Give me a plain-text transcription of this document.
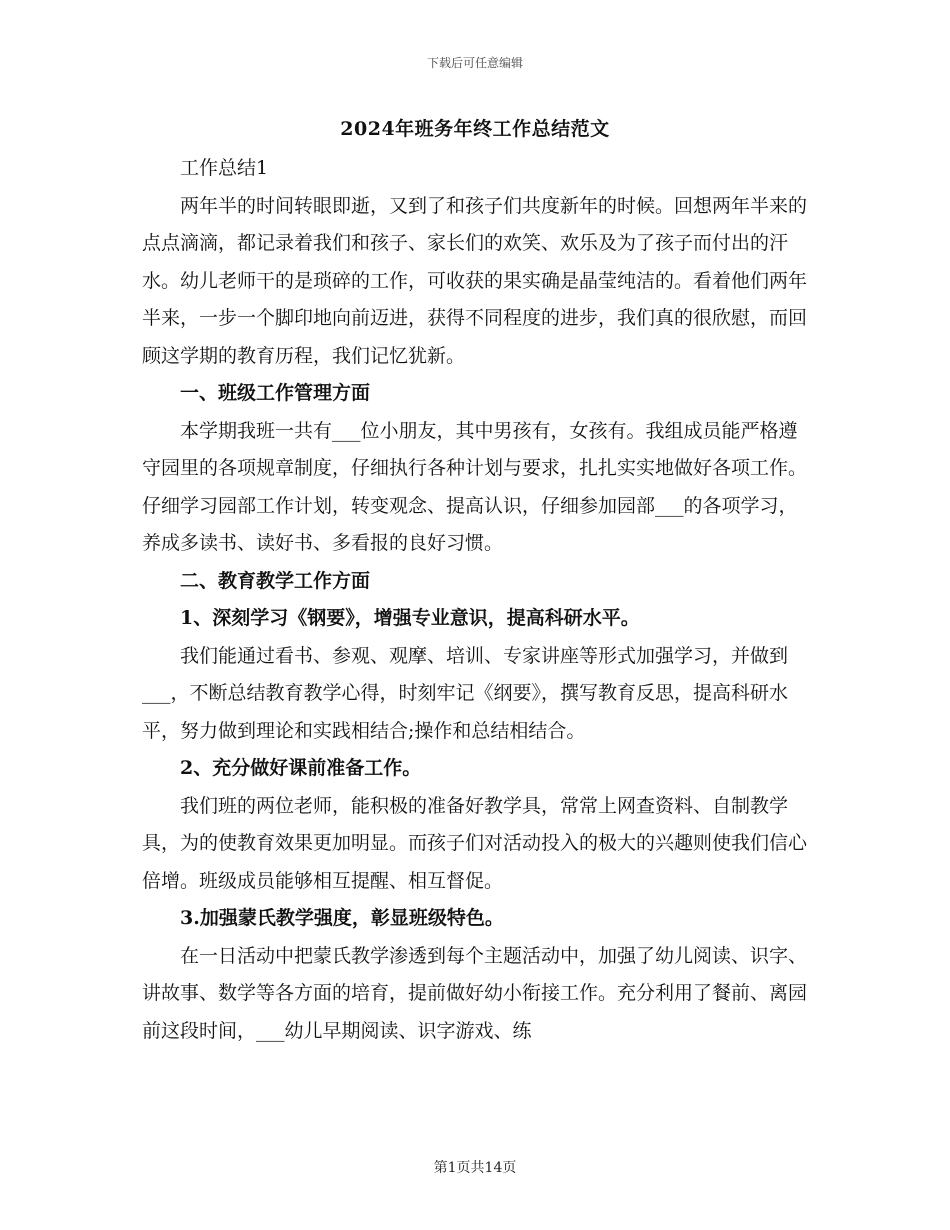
下载后可任意编辑
2024年班务年终工作总结范文

工作总结1

两年半的时间转眼即逝，又到了和孩子们共度新年的时候。回想两年半来的点点滴滴，都记录着我们和孩子、家长们的欢笑、欢乐及为了孩子而付出的汗水。幼儿老师干的是琐碎的工作，可收获的果实确是晶莹纯洁的。看着他们两年半来，一步一个脚印地向前迈进，获得不同程度的进步，我们真的很欣慰，而回顾这学期的教育历程，我们记忆犹新。

一、班级工作管理方面

本学期我班一共有___位小朋友，其中男孩有，女孩有。我组成员能严格遵守园里的各项规章制度，仔细执行各种计划与要求，扎扎实实地做好各项工作。仔细学习园部工作计划，转变观念、提高认识，仔细参加园部___的各项学习，养成多读书、读好书、多看报的良好习惯。

二、教育教学工作方面

1、深刻学习《钢要》，增强专业意识，提高科研水平。

我们能通过看书、参观、观摩、培训、专家讲座等形式加强学习，并做到___，不断总结教育教学心得，时刻牢记《纲要》，撰写教育反思，提高科研水平，努力做到理论和实践相结合;操作和总结相结合。

2、充分做好课前准备工作。

我们班的两位老师，能积极的准备好教学具，常常上网查资料、自制教学具，为的使教育效果更加明显。而孩子们对活动投入的极大的兴趣则使我们信心倍增。班级成员能够相互提醒、相互督促。

3.加强蒙氏教学强度，彰显班级特色。

在一日活动中把蒙氏教学渗透到每个主题活动中，加强了幼儿阅读、识字、讲故事、数学等各方面的培育，提前做好幼小衔接工作。充分利用了餐前、离园前这段时间，___幼儿早期阅读、识字游戏、练

第1页共14页
